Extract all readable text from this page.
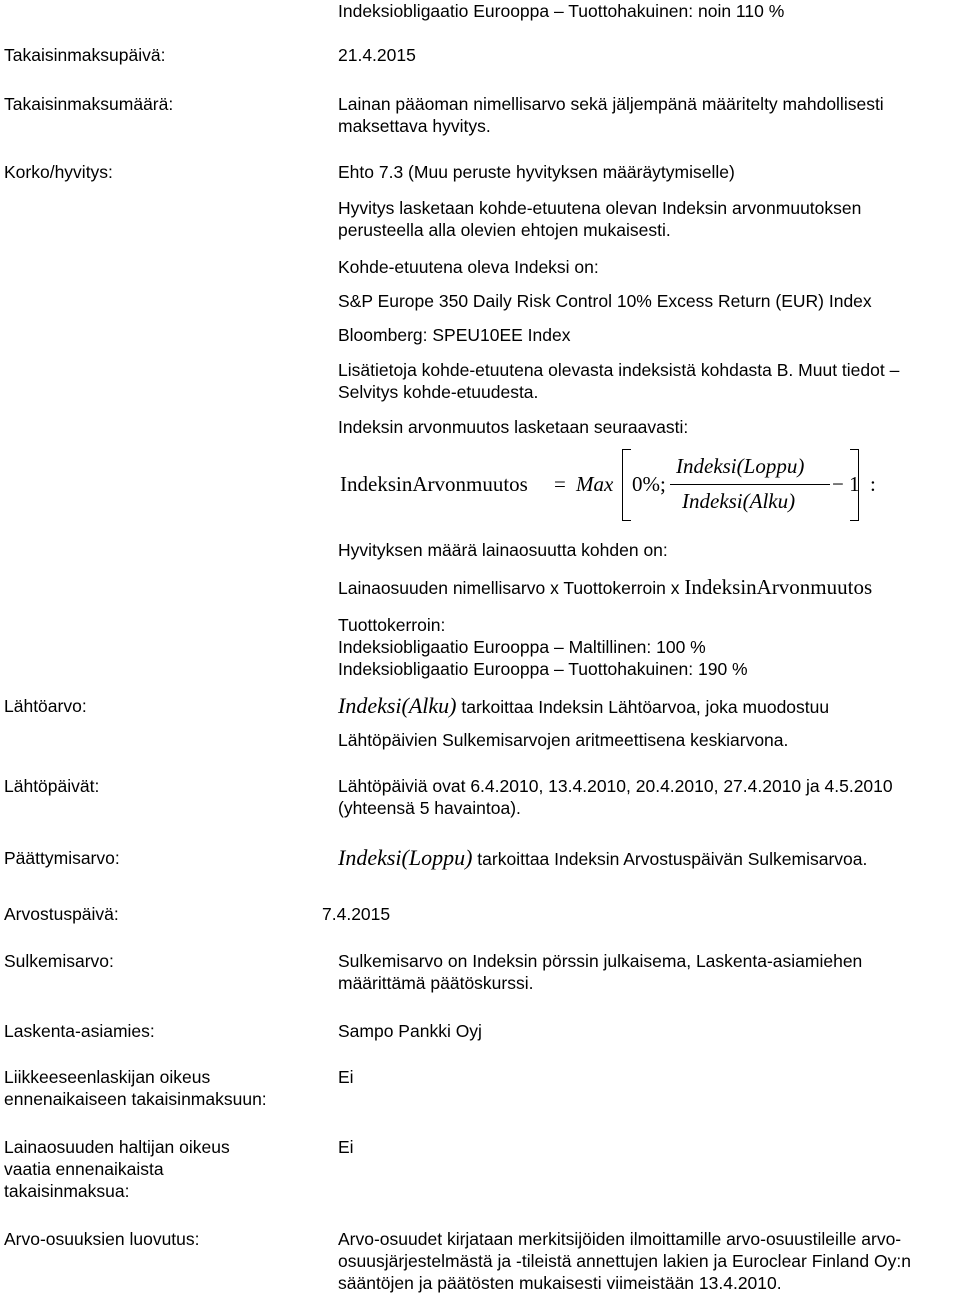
Indeksiobligaatio Eurooppa – Tuottohakuinen: noin 110 %
Takaisinmaksupäivä:	21.4.2015
Takaisinmaksumäärä:	Lainan pääoman nimellisarvo sekä jäljempänä määritelty mahdollisesti maksettava hyvitys.
Korko/hyvitys:	Ehto 7.3 (Muu peruste hyvityksen määräytymiselle)
Hyvitys lasketaan kohde-etuutena olevan Indeksin arvonmuutoksen perusteella alla olevien ehtojen mukaisesti.
Kohde-etuutena oleva Indeksi on:
S&P Europe 350 Daily Risk Control 10% Excess Return (EUR) Index
Bloomberg: SPEU10EE Index
Lisätietoja kohde-etuutena olevasta indeksistä kohdasta B. Muut tiedot – Selvitys kohde-etuudesta.
Indeksin arvonmuutos lasketaan seuraavasti:
IndeksinArvonmuutos = Max 0%;
Indeksi(Loppu)
Indeksi(Alku)
− 1 :
Hyvityksen määrä lainaosuutta kohden on:
Lainaosuuden nimellisarvo x Tuottokerroin x IndeksinArvonmuutos
Tuottokerroin:
Indeksiobligaatio Eurooppa – Maltillinen: 100 %
Indeksiobligaatio Eurooppa – Tuottohakuinen: 190 %
Lähtöarvo:	Indeksi(Alku) tarkoittaa Indeksin Lähtöarvoa, joka muodostuu
Lähtöpäivien Sulkemisarvojen aritmeettisena keskiarvona.
Lähtöpäivät:	Lähtöpäiviä ovat 6.4.2010, 13.4.2010, 20.4.2010, 27.4.2010 ja 4.5.2010 (yhteensä 5 havaintoa).
Päättymisarvo:	Indeksi(Loppu) tarkoittaa Indeksin Arvostuspäivän Sulkemisarvoa.
Arvostuspäivä:	7.4.2015
Sulkemisarvo:	Sulkemisarvo on Indeksin pörssin julkaisema, Laskenta-asiamiehen määrittämä päätöskurssi.
Laskenta-asiamies:	Sampo Pankki Oyj
Liikkeeseenlaskijan oikeus ennenaikaiseen takaisinmaksuun:
Ei
Lainaosuuden haltijan oikeus vaatia ennenaikaista takaisinmaksua:
Ei
Arvo-osuuksien luovutus:	Arvo-osuudet kirjataan merkitsijöiden ilmoittamille arvo-osuustileille arvo-osuusjärjestelmästä ja -tileistä annettujen lakien ja Euroclear Finland Oy:n sääntöjen ja päätösten mukaisesti viimeistään 13.4.2010.
